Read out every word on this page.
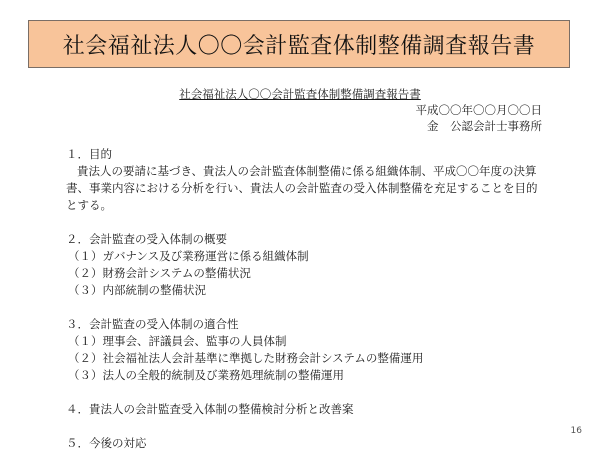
社会福祉法人〇〇会計監査体制整備調査報告書
社会福祉法人〇〇会計監査体制整備調査報告書
平成〇〇年〇〇月〇〇日
金　公認会計士事務所

１．目的

貴法人の要請に基づき、貴法人の会計監査体制整備に係る組織体制、平成〇〇年度の決算書、事業内容における分析を行い、貴法人の会計監査の受入体制整備を充足することを目的とする。

２．会計監査の受入体制の概要

（１）ガバナンス及び業務運営に係る組織体制

（２）財務会計システムの整備状況

（３）内部統制の整備状況

３．会計監査の受入体制の適合性

（１）理事会、評議員会、監事の人員体制

（２）社会福祉法人会計基準に準拠した財務会計システムの整備運用

（３）法人の全般的統制及び業務処理統制の整備運用

４．貴法人の会計監査受入体制の整備検討分析と改善案

５．今後の対応

16
